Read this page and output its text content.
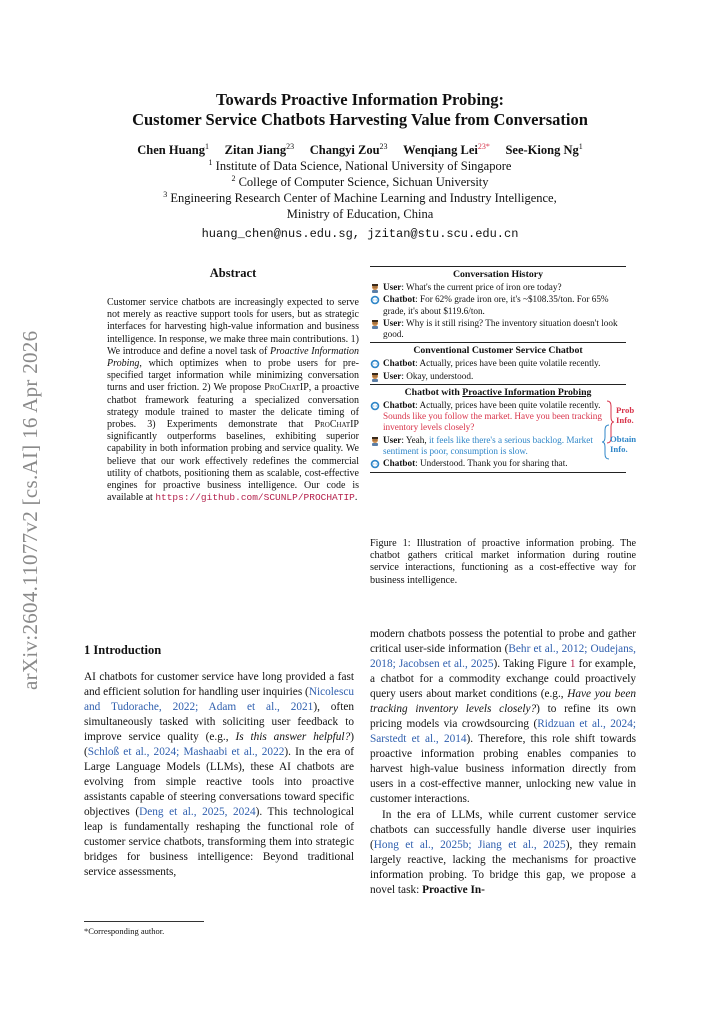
arXiv:2604.11077v2 [cs.AI] 16 Apr 2026
Towards Proactive Information Probing:
Customer Service Chatbots Harvesting Value from Conversation
Chen Huang$^1$ Zitan Jiang$^{23}$ Changyi Zou$^{23}$ Wenqiang Lei$^{23*}$ See-Kiong Ng$^1$
$^1$ Institute of Data Science, National University of Singapore
$^2$ College of Computer Science, Sichuan University
$^3$ Engineering Research Center of Machine Learning and Industry Intelligence,
Ministry of Education, China
huang_chen@nus.edu.sg, jzitan@stu.scu.edu.cn
Abstract
Customer service chatbots are increasingly expected to serve not merely as reactive support tools for users, but as strategic interfaces for harvesting high-value information and business intelligence. In response, we make three main contributions. 1) We introduce and define a novel task of Proactive Information Probing, which optimizes when to probe users for pre-specified target information while minimizing conversation turns and user friction. 2) We propose ProChatIP, a proactive chatbot framework featuring a specialized conversation strategy module trained to master the delicate timing of probes. 3) Experiments demonstrate that ProChatIP significantly outperforms baselines, exhibiting superior capability in both information probing and service quality. We believe that our work effectively redefines the commercial utility of chatbots, positioning them as scalable, cost-effective engines for proactive business intelligence. Our code is available at https://github.com/SCUNLP/PROCHATIP.
1 Introduction
AI chatbots for customer service have long provided a fast and efficient solution for handling user inquiries (Nicolescu and Tudorache, 2022; Adam et al., 2021), often simultaneously tasked with soliciting user feedback to improve service quality (e.g., Is this answer helpful?) (Schloß et al., 2024; Mashaabi et al., 2022). In the era of Large Language Models (LLMs), these AI chatbots are evolving from simple reactive tools into proactive assistants capable of steering conversations toward specific objectives (Deng et al., 2025, 2024). This technological leap is fundamentally reshaping the functional role of customer service chatbots, transforming them into strategic bridges for business intelligence: Beyond traditional service assessments,
*Corresponding author.
Conversation History
User: What's the current price of iron ore today?
Chatbot: For 62% grade iron ore, it's ~$108.35/ton. For 65% grade, it's about $119.6/ton.
User: Why is it still rising? The inventory situation doesn't look good.
Conventional Customer Service Chatbot
Chatbot: Actually, prices have been quite volatile recently.
User: Okay, understood.
Chatbot with Proactive Information Probing
Chatbot: Actually, prices have been quite volatile recently. Sounds like you follow the market. Have you been tracking inventory levels closely?
User: Yeah, it feels like there's a serious backlog. Market sentiment is poor, consumption is slow.
Chatbot: Understood. Thank you for sharing that.
Prob Info.
Obtain Info.
Figure 1: Illustration of proactive information probing. The chatbot gathers critical market information during routine service interactions, functioning as a cost-effective way for business intelligence.
modern chatbots possess the potential to probe and gather critical user-side information (Behr et al., 2012; Oudejans, 2018; Jacobsen et al., 2025). Taking Figure 1 for example, a chatbot for a commodity exchange could proactively query users about market conditions (e.g., Have you been tracking inventory levels closely?) to refine its own pricing models via crowdsourcing (Ridzuan et al., 2024; Sarstedt et al., 2014). Therefore, this role shift towards proactive information probing enables companies to harvest high-value business information directly from users in a cost-effective manner, unlocking new value in customer interactions.
In the era of LLMs, while current customer service chatbots can successfully handle diverse user inquiries (Hong et al., 2025b; Jiang et al., 2025), they remain largely reactive, lacking the mechanisms for proactive information probing. To bridge this gap, we propose a novel task: Proactive In-
